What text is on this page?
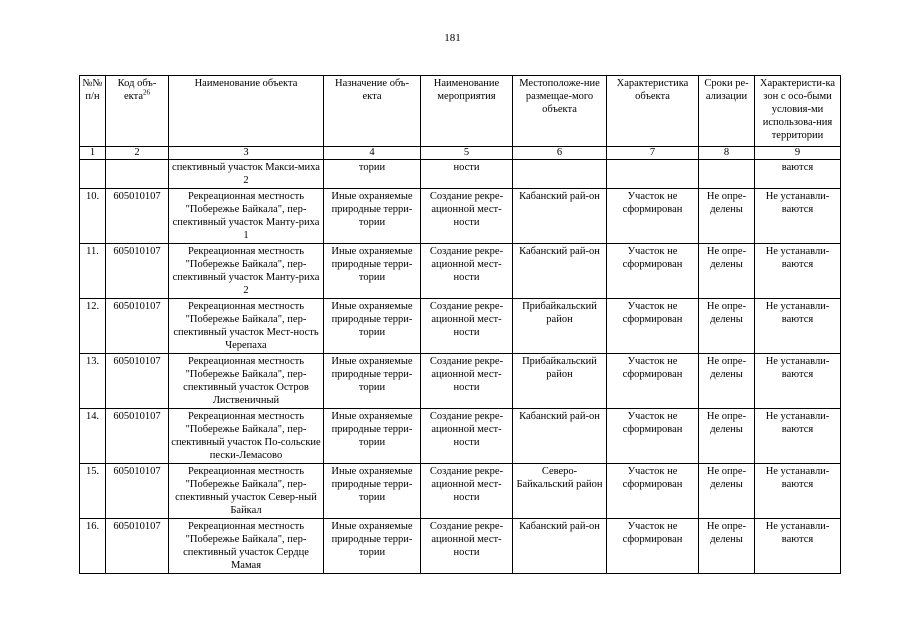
181
№№ п/н	Код объ-екта$^{26}$	Наименование объекта	Назначение объ-екта	Наименование мероприятия	Местоположе-ние размещае-мого объекта	Характеристика объекта	Сроки ре-ализации	Характеристи-ка зон с осо-быми условия-ми использова-ния территории
1	2	3	4	5	6	7	8	9
		спективный участок Макси-миха 2	тории	ности				ваются
10.	605010107	Рекреационная местность "Побережье Байкала", пер-спективный участок Манту-риха 1	Иные охраняемые природные терри-тории	Создание рекре-ационной мест-ности	Кабанский рай-он	Участок не сформирован	Не опре-делены	Не устанавли-ваются
11.	605010107	Рекреационная местность "Побережье Байкала", пер-спективный участок Манту-риха 2	Иные охраняемые природные терри-тории	Создание рекре-ационной мест-ности	Кабанский рай-он	Участок не сформирован	Не опре-делены	Не устанавли-ваются
12.	605010107	Рекреационная местность "Побережье Байкала", пер-спективный участок Мест-ность Черепаха	Иные охраняемые природные терри-тории	Создание рекре-ационной мест-ности	Прибайкальский район	Участок не сформирован	Не опре-делены	Не устанавли-ваются
13.	605010107	Рекреационная местность "Побережье Байкала", пер-спективный участок Остров Лиственичный	Иные охраняемые природные терри-тории	Создание рекре-ационной мест-ности	Прибайкальский район	Участок не сформирован	Не опре-делены	Не устанавли-ваются
14.	605010107	Рекреационная местность "Побережье Байкала", пер-спективный участок По-сольские пески-Лемасово	Иные охраняемые природные терри-тории	Создание рекре-ационной мест-ности	Кабанский рай-он	Участок не сформирован	Не опре-делены	Не устанавли-ваются
15.	605010107	Рекреационная местность "Побережье Байкала", пер-спективный участок Север-ный Байкал	Иные охраняемые природные терри-тории	Создание рекре-ационной мест-ности	Северо-Байкальский район	Участок не сформирован	Не опре-делены	Не устанавли-ваются
16.	605010107	Рекреационная местность "Побережье Байкала", пер-спективный участок Сердце Мамая	Иные охраняемые природные терри-тории	Создание рекре-ационной мест-ности	Кабанский рай-он	Участок не сформирован	Не опре-делены	Не устанавли-ваются
